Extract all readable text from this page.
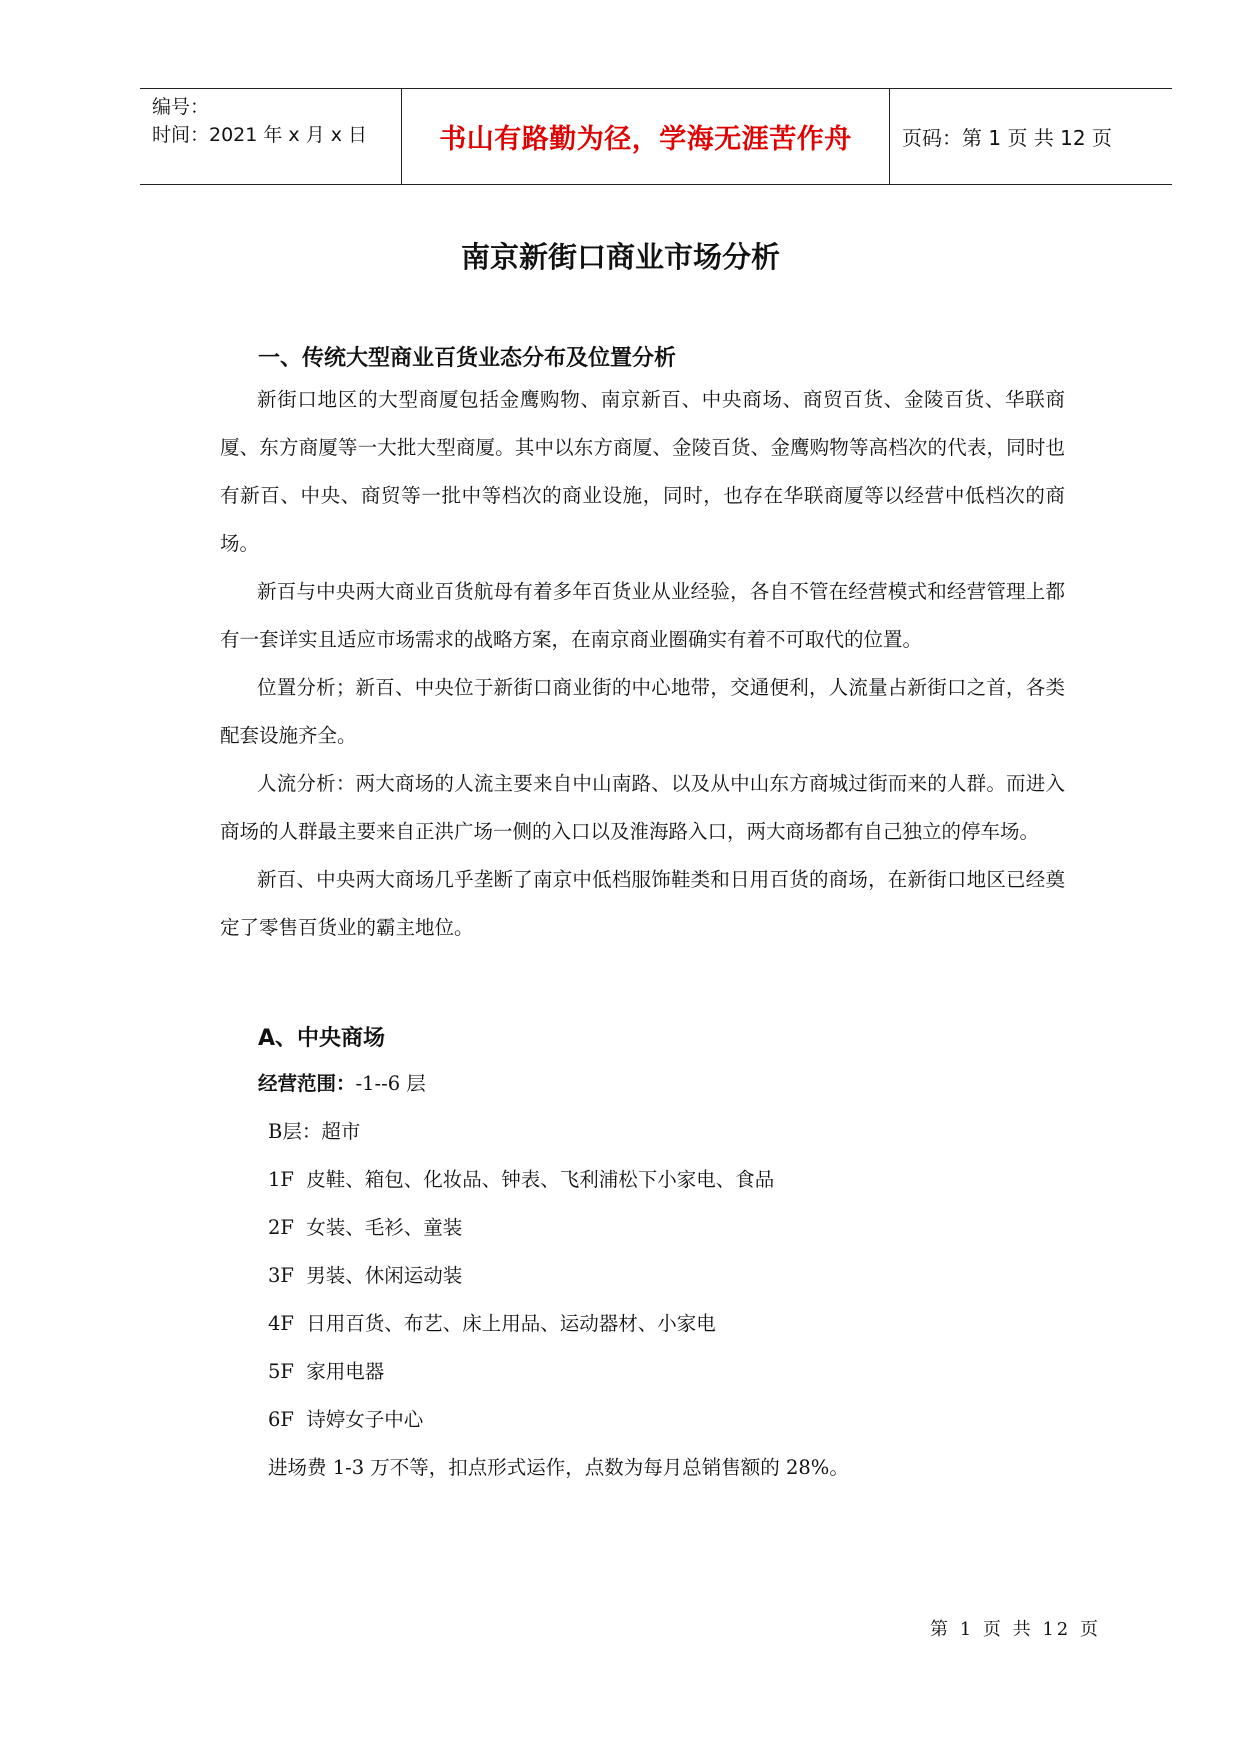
编号：
时间：2021 年 x 月 x 日	书山有路勤为径，学海无涯苦作舟	页码：第 1 页 共 12 页
南京新街口商业市场分析
一、传统大型商业百货业态分布及位置分析

新街口地区的大型商厦包括金鹰购物、南京新百、中央商场、商贸百货、金陵百货、华联商厦、东方商厦等一大批大型商厦。其中以东方商厦、金陵百货、金鹰购物等高档次的代表，同时也有新百、中央、商贸等一批中等档次的商业设施，同时，也存在华联商厦等以经营中低档次的商场。

新百与中央两大商业百货航母有着多年百货业从业经验，各自不管在经营模式和经营管理上都有一套详实且适应市场需求的战略方案，在南京商业圈确实有着不可取代的位置。

位置分析；新百、中央位于新街口商业街的中心地带，交通便利，人流量占新街口之首，各类配套设施齐全。

人流分析：两大商场的人流主要来自中山南路、以及从中山东方商城过街而来的人群。而进入商场的人群最主要来自正洪广场一侧的入口以及淮海路入口，两大商场都有自己独立的停车场。

新百、中央两大商场几乎垄断了南京中低档服饰鞋类和日用百货的商场，在新街口地区已经奠定了零售百货业的霸主地位。

A、中央商场
经营范围：-1--6 层
B层：超市
1F 皮鞋、箱包、化妆品、钟表、飞利浦松下小家电、食品
2F 女装、毛衫、童装
3F 男装、休闲运动装
4F 日用百货、布艺、床上用品、运动器材、小家电
5F 家用电器
6F 诗婷女子中心
进场费 1-3 万不等，扣点形式运作，点数为每月总销售额的 28%。
第 1 页 共 12 页
